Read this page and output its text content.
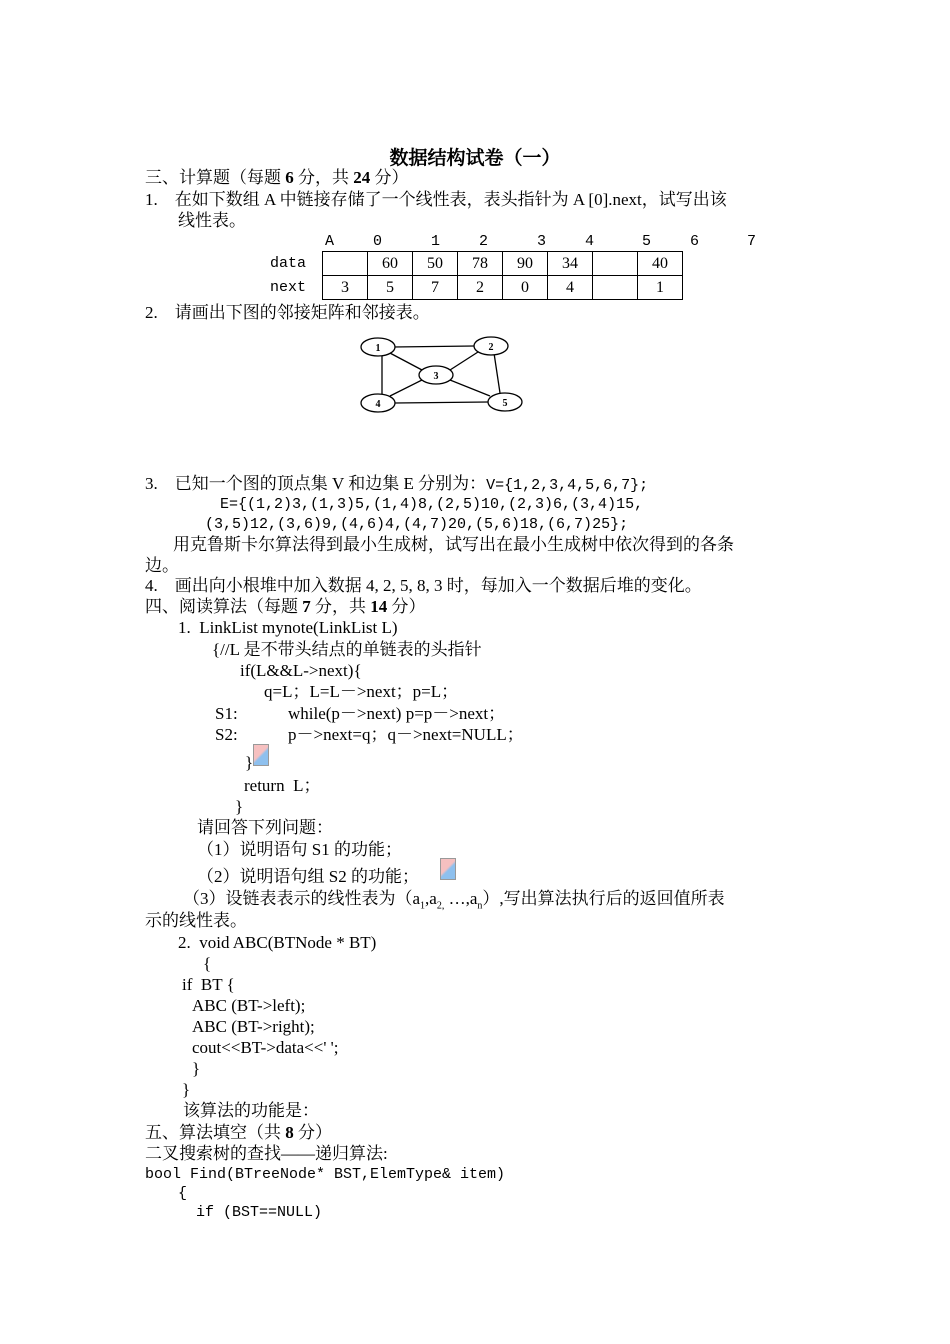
数据结构试卷（一）
三、计算题（每题 6 分，共 24 分）
1.    在如下数组 A 中链接存储了一个线性表，表头指针为 A [0].next，试写出该
线性表。
A	0	1	2	3	4	5	6	7
data		60	50	78	90	34		40
next	3	5	7	2	0	4		1
2.    请画出下图的邻接矩阵和邻接表。
1	2
3
4	5
3.    已知一个图的顶点集 V 和边集 E 分别为：V={1,2,3,4,5,6,7};
E={(1,2)3,(1,3)5,(1,4)8,(2,5)10,(2,3)6,(3,4)15,
(3,5)12,(3,6)9,(4,6)4,(4,7)20,(5,6)18,(6,7)25};
用克鲁斯卡尔算法得到最小生成树，试写出在最小生成树中依次得到的各条
边。
4.    画出向小根堆中加入数据 4, 2, 5, 8, 3 时，每加入一个数据后堆的变化。
四、阅读算法（每题 7 分，共 14 分）
1.  LinkList mynote(LinkList L)
{//L 是不带头结点的单链表的头指针
if(L&&L->next){
q=L；L=L－>next；p=L；
S1:	while(p－>next) p=p－>next；
S2:	p－>next=q；q－>next=NULL；
}
return  L；
}
请回答下列问题：
（1）说明语句 S1 的功能；
（2）说明语句组 S2 的功能；
（3）设链表表示的线性表为（$a_1,a_{2,}$ $\dots,a_n$）,写出算法执行后的返回值所表
示的线性表。
2.  void ABC(BTNode * BT)
{
if  BT {
ABC (BT->left);
ABC (BT->right);
cout<<BT->data<<' ';
}
}
该算法的功能是：
五、算法填空（共 8 分）
二叉搜索树的查找——递归算法:
bool Find(BTreeNode* BST,ElemType& item)
{
if (BST==NULL)
